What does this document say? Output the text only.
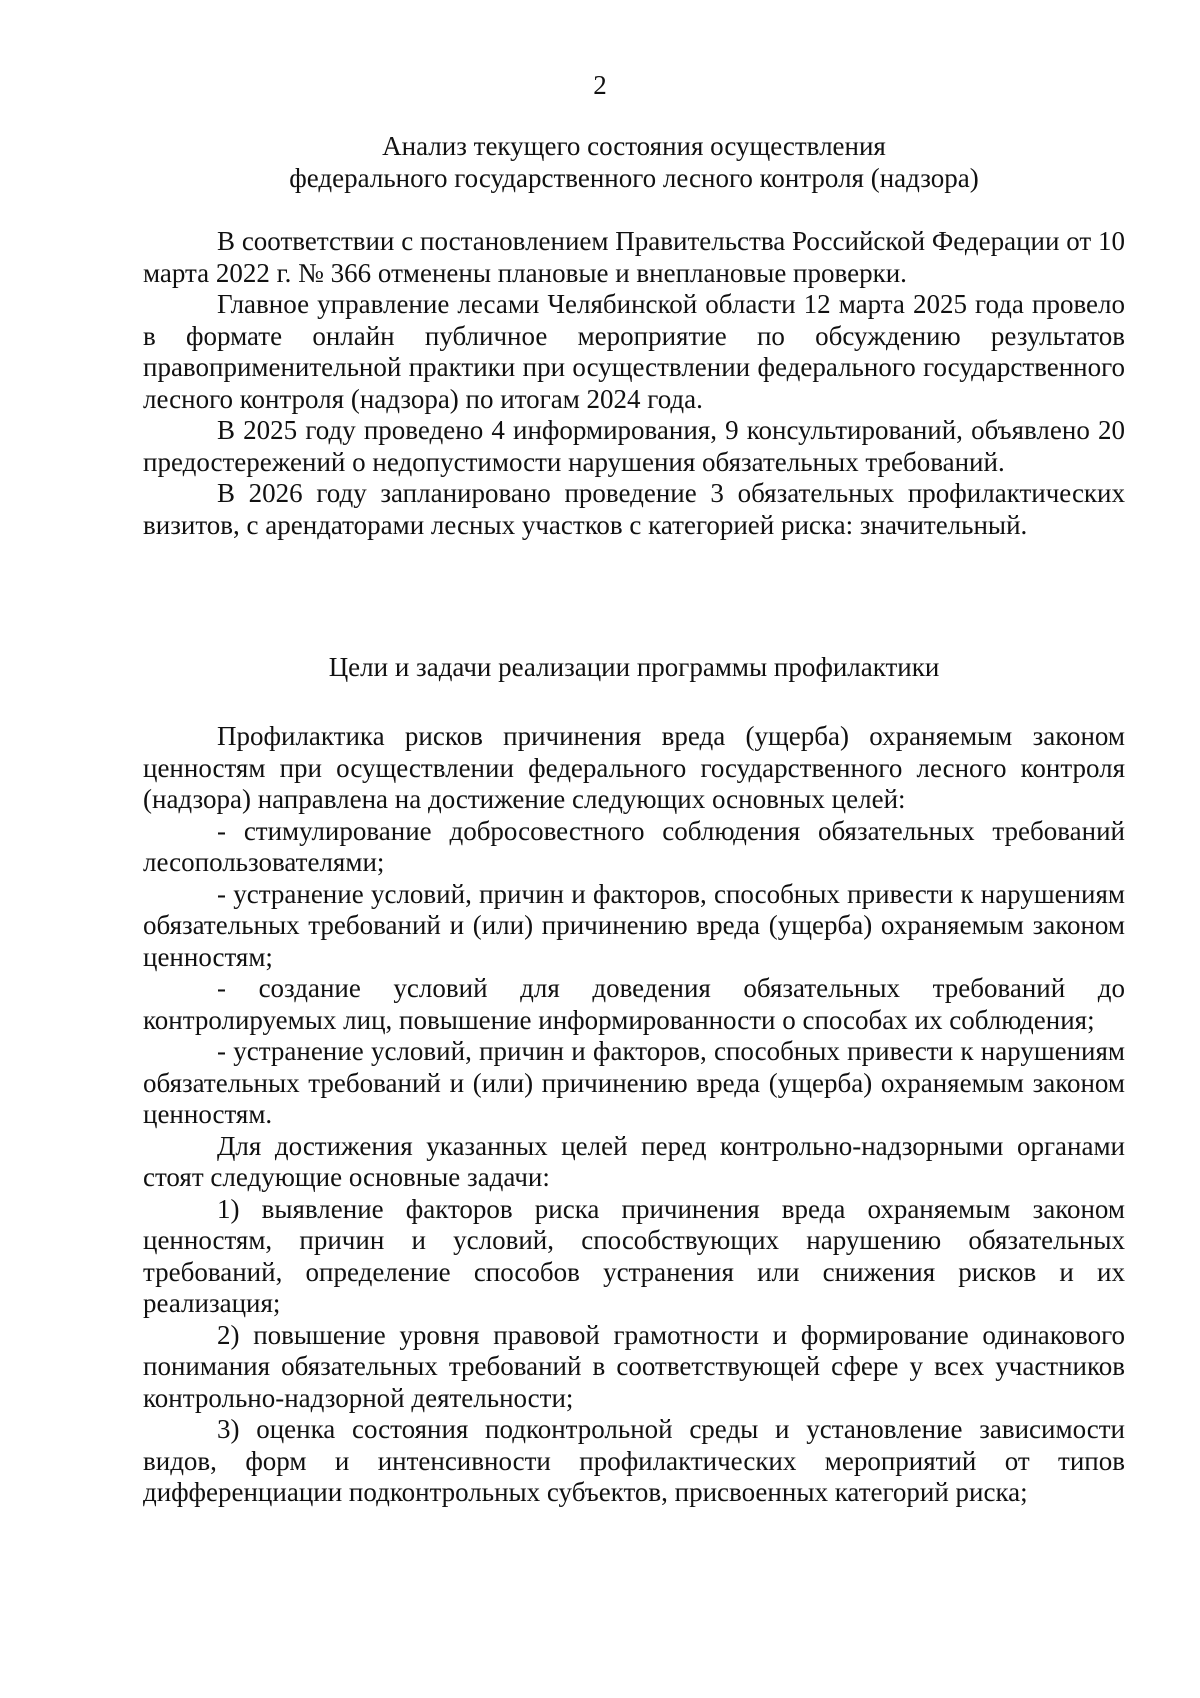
2
Анализ текущего состояния осуществления
федерального государственного лесного контроля (надзора)

В соответствии с постановлением Правительства Российской Федерации от 10 марта 2022 г. № 366 отменены плановые и внеплановые проверки.

Главное управление лесами Челябинской области 12 марта 2025 года провело в формате онлайн публичное мероприятие по обсуждению результатов правоприменительной практики при осуществлении федерального государственного лесного контроля (надзора) по итогам 2024 года.

В 2025 году проведено 4 информирования, 9 консультирований, объявлено 20 предостережений о недопустимости нарушения обязательных требований.

В 2026 году запланировано проведение 3 обязательных профилактических визитов, с арендаторами лесных участков с категорией риска: значительный.

Цели и задачи реализации программы профилактики

Профилактика рисков причинения вреда (ущерба) охраняемым законом ценностям при осуществлении федерального государственного лесного контроля (надзора) направлена на достижение следующих основных целей:

- стимулирование добросовестного соблюдения обязательных требований лесопользователями;

- устранение условий, причин и факторов, способных привести к нарушениям обязательных требований и (или) причинению вреда (ущерба) охраняемым законом ценностям;

- создание условий для доведения обязательных требований до контролируемых лиц, повышение информированности о способах их соблюдения;

- устранение условий, причин и факторов, способных привести к нарушениям обязательных требований и (или) причинению вреда (ущерба) охраняемым законом ценностям.

Для достижения указанных целей перед контрольно-надзорными органами стоят следующие основные задачи:

1) выявление факторов риска причинения вреда охраняемым законом ценностям, причин и условий, способствующих нарушению обязательных требований, определение способов устранения или снижения рисков и их реализация;

2) повышение уровня правовой грамотности и формирование одинакового понимания обязательных требований в соответствующей сфере у всех участников контрольно-надзорной деятельности;

3) оценка состояния подконтрольной среды и установление зависимости видов, форм и интенсивности профилактических мероприятий от типов дифференциации подконтрольных субъектов, присвоенных категорий риска;
